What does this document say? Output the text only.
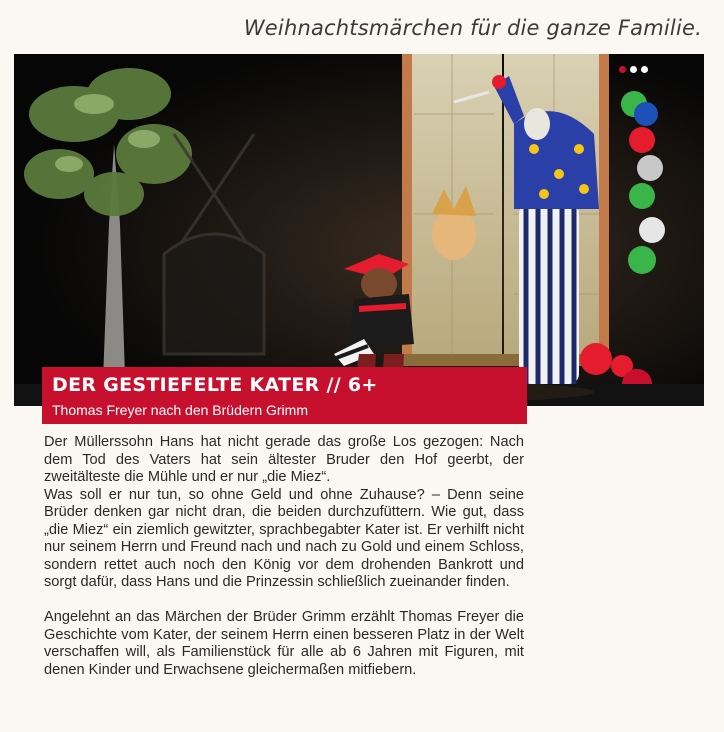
Weihnachtsmärchen für die ganze Familie.
DER GESTIEFELTE KATER // 6+
Thomas Freyer nach den Brüdern Grimm

Der Müllerssohn Hans hat nicht gerade das große Los gezogen: Nach dem Tod des Vaters hat sein ältester Bruder den Hof geerbt, der zweitälteste die Mühle und er nur „die Miez“.

Was soll er nur tun, so ohne Geld und ohne Zuhause? – Denn seine Brüder denken gar nicht dran, die beiden durchzufüttern. Wie gut, dass „die Miez“ ein ziemlich gewitzter, sprachbegabter Kater ist. Er verhilft nicht nur seinem Herrn und Freund nach und nach zu Gold und einem Schloss, sondern rettet auch noch den König vor dem drohenden Bankrott und sorgt dafür, dass Hans und die Prinzessin schließlich zueinander finden.

Angelehnt an das Märchen der Brüder Grimm erzählt Thomas Freyer die Geschichte vom Kater, der seinem Herrn einen besseren Platz in der Welt verschaffen will, als Familienstück für alle ab 6 Jahren mit Figuren, mit denen Kinder und Erwachsene gleichermaßen mitfiebern.
